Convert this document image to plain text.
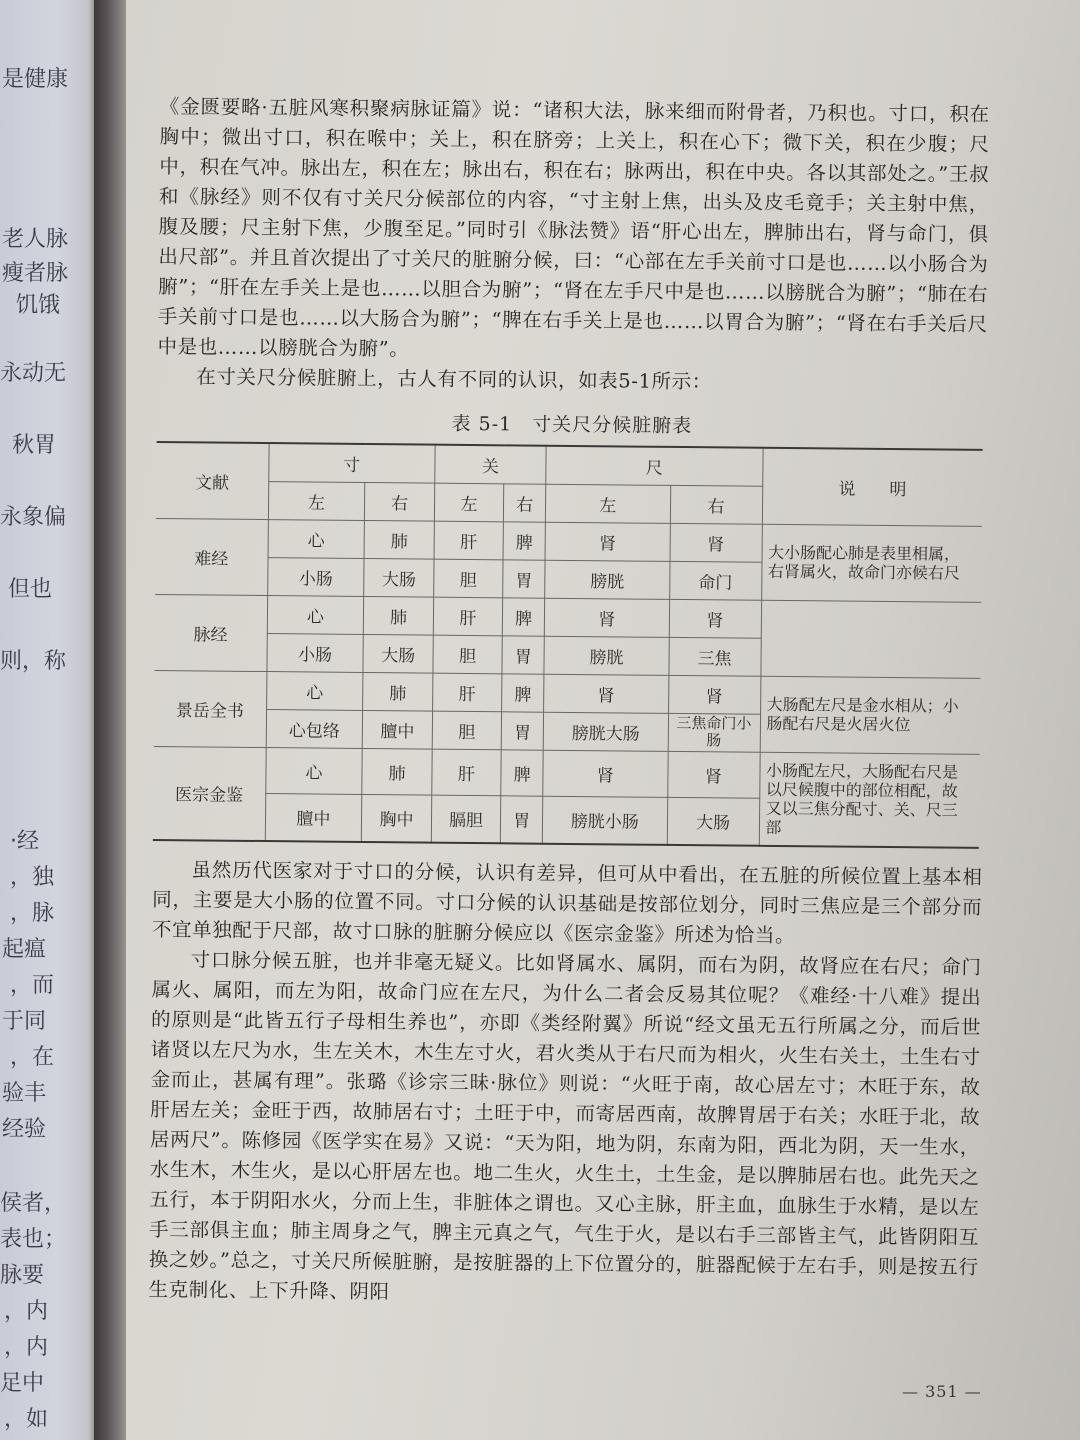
是健康
老人脉
瘦者脉
饥饿
永动无
秋胃
永象偏
但也
则，称
·经
，独
，脉
起瘟
，而
于同
，在
验丰
经验
侯者，
表也；
脉要
，内
，内
足中
，如

《金匮要略·五脏风寒积聚病脉证篇》说：“诸积大法，脉来细而附骨者，乃积也。寸口，积在胸中；微出寸口，积在喉中；关上，积在脐旁；上关上，积在心下；微下关，积在少腹；尺中，积在气冲。脉出左，积在左；脉出右，积在右；脉两出，积在中央。各以其部处之。”王叔和《脉经》则不仅有寸关尺分候部位的内容，“寸主射上焦，出头及皮毛竟手；关主射中焦，腹及腰；尺主射下焦，少腹至足。”同时引《脉法赞》语“肝心出左，脾肺出右，肾与命门，俱出尺部”。并且首次提出了寸关尺的脏腑分候，曰：“心部在左手关前寸口是也……以小肠合为腑”；“肝在左手关上是也……以胆合为腑”；“肾在左手尺中是也……以膀胱合为腑”；“肺在右手关前寸口是也……以大肠合为腑”；“脾在右手关上是也……以胃合为腑”；“肾在右手关后尺中是也……以膀胱合为腑”。

在寸关尺分候脏腑上，古人有不同的认识，如表5-1所示：

表 5-1　寸关尺分候脏腑表
文献	寸		关		尺		说　　明
	左	右	左	右	左	右	
难经	心	肺	肝	脾	肾	肾	大小肠配心肺是表里相属，右肾属火，故命门亦候右尺
	小肠	大肠	胆	胃	膀胱	命门	
脉经	心	肺	肝	脾	肾	肾	
	小肠	大肠	胆	胃	膀胱	三焦	
景岳全书	心	肺	肝	脾	肾	肾	大肠配左尺是金水相从；小肠配右尺是火居火位
	心包络	膻中	胆	胃	膀胱大肠	三焦命门小肠	
医宗金鉴	心	肺	肝	脾	肾	肾	小肠配左尺，大肠配右尺是以尺候腹中的部位相配，故又以三焦分配寸、关、尺三部
	膻中	胸中	膈胆	胃	膀胱小肠	大肠	

虽然历代医家对于寸口的分候，认识有差异，但可从中看出，在五脏的所候位置上基本相同，主要是大小肠的位置不同。寸口分候的认识基础是按部位划分，同时三焦应是三个部分而不宜单独配于尺部，故寸口脉的脏腑分候应以《医宗金鉴》所述为恰当。

寸口脉分候五脏，也并非毫无疑义。比如肾属水、属阴，而右为阴，故肾应在右尺；命门属火、属阳，而左为阳，故命门应在左尺，为什么二者会反易其位呢？《难经·十八难》提出的原则是“此皆五行子母相生养也”，亦即《类经附翼》所说“经文虽无五行所属之分，而后世诸贤以左尺为水，生左关木，木生左寸火，君火类从于右尺而为相火，火生右关土，土生右寸金而止，甚属有理”。张璐《诊宗三昧·脉位》则说：“火旺于南，故心居左寸；木旺于东，故肝居左关；金旺于西，故肺居右寸；土旺于中，而寄居西南，故脾胃居于右关；水旺于北，故居两尺”。陈修园《医学实在易》又说：“天为阳，地为阴，东南为阳，西北为阴，天一生水，水生木，木生火，是以心肝居左也。地二生火，火生土，土生金，是以脾肺居右也。此先天之五行，本于阴阳水火，分而上生，非脏体之谓也。又心主脉，肝主血，血脉生于水精，是以左手三部俱主血；肺主周身之气，脾主元真之气，气生于火，是以右手三部皆主气，此皆阴阳互换之妙。”总之，寸关尺所候脏腑，是按脏器的上下位置分的，脏器配候于左右手，则是按五行生克制化、上下升降、阴阳

— 351 —
